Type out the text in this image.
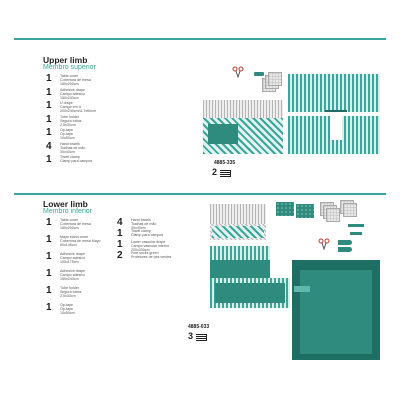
Upper limb
Membro superior
1 Table cover
Cobertura de mesa
150x200cm
1 Adhesive drape
Campo adesivo
150x240cm
1 U drape
Campo em U
200x240cm/U-7x60cm
1 Tube holder
Segura tubos
2,5x30cm
1 Op-tape
Op-tape
10x50cm
4 Hand towels
Toalhas de mão
30x40cm
1 Towel clamp
Clamp para campos	4885-335
2
Lower limb
Membro inferior
1 Table cover
Cobertura de mesa
150x200cm
1 Mayo stand cover
Cobertura de mesa Mayo
80x145cm
1 Adhesive drape
Campo adesivo
150x175cm
1 Adhesive drape
Campo adesivo
150x240cm
1 Tube holder
Segura tubos
2,5x30cm
1 Op-tape
Op-tape
10x50cm
4 Hand towels
Toalhas de mão
30x40cm
1 Towel clamp
Clamp para campos
1 Lower vascular drape
Campo vascular inferior
200x300cm
2 Feet socks green
Protetores de pés verdes
4885-033
3
